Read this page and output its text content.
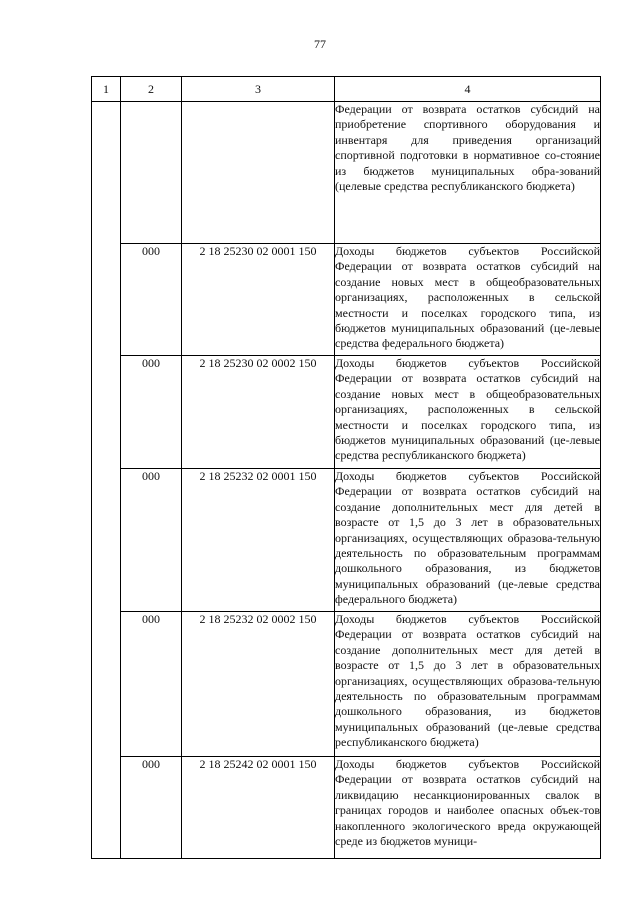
77
1	2	3	4
			Федерации от возврата остатков субсидий на приобретение спортивного оборудования и инвентаря для приведения организаций спортивной подготовки в нормативное со-стояние из бюджетов муниципальных обра-зований (целевые средства республиканского бюджета)
	000	2 18 25230 02 0001 150	Доходы бюджетов субъектов Российской Федерации от возврата остатков субсидий на создание новых мест в общеобразовательных организациях, расположенных в сельской местности и поселках городского типа, из бюджетов муниципальных образований (це-левые средства федерального бюджета)
	000	2 18 25230 02 0002 150	Доходы бюджетов субъектов Российской Федерации от возврата остатков субсидий на создание новых мест в общеобразовательных организациях, расположенных в сельской местности и поселках городского типа, из бюджетов муниципальных образований (це-левые средства республиканского бюджета)
	000	2 18 25232 02 0001 150	Доходы бюджетов субъектов Российской Федерации от возврата остатков субсидий на создание дополнительных мест для детей в возрасте от 1,5 до 3 лет в образовательных организациях, осуществляющих образова-тельную деятельность по образовательным программам дошкольного образования, из бюджетов муниципальных образований (це-левые средства федерального бюджета)
	000	2 18 25232 02 0002 150	Доходы бюджетов субъектов Российской Федерации от возврата остатков субсидий на создание дополнительных мест для детей в возрасте от 1,5 до 3 лет в образовательных организациях, осуществляющих образова-тельную деятельность по образовательным программам дошкольного образования, из бюджетов муниципальных образований (це-левые средства республиканского бюджета)
	000	2 18 25242 02 0001 150	Доходы бюджетов субъектов Российской Федерации от возврата остатков субсидий на ликвидацию несанкционированных свалок в границах городов и наиболее опасных объек-тов накопленного экологического вреда окружающей среде из бюджетов муници-
